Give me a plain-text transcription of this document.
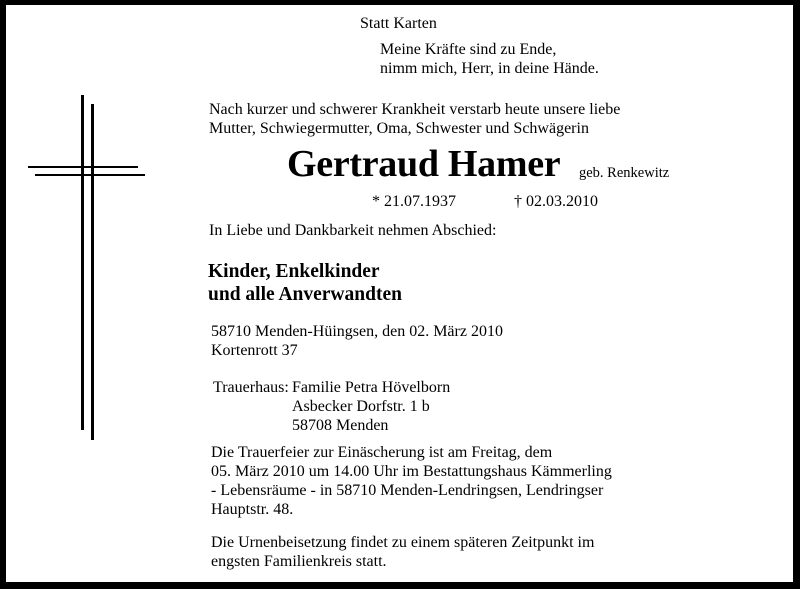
Statt Karten
Meine Kräfte sind zu Ende,
nimm mich, Herr, in deine Hände.
Nach kurzer und schwerer Krankheit verstarb heute unsere liebe
Mutter, Schwiegermutter, Oma, Schwester und Schwägerin
Gertraud Hamer geb. Renkewitz
* 21.07.1937	† 02.03.2010
In Liebe und Dankbarkeit nehmen Abschied:
Kinder, Enkelkinder
und alle Anverwandten
58710 Menden-Hüingsen, den 02. März 2010
Kortenrott 37
Trauerhaus: Familie Petra Hövelborn
Asbecker Dorfstr. 1 b
58708 Menden
Die Trauerfeier zur Einäscherung ist am Freitag, dem
05. März 2010 um 14.00 Uhr im Bestattungshaus Kämmerling
- Lebensräume - in 58710 Menden-Lendringsen, Lendringser
Hauptstr. 48.
Die Urnenbeisetzung findet zu einem späteren Zeitpunkt im
engsten Familienkreis statt.
